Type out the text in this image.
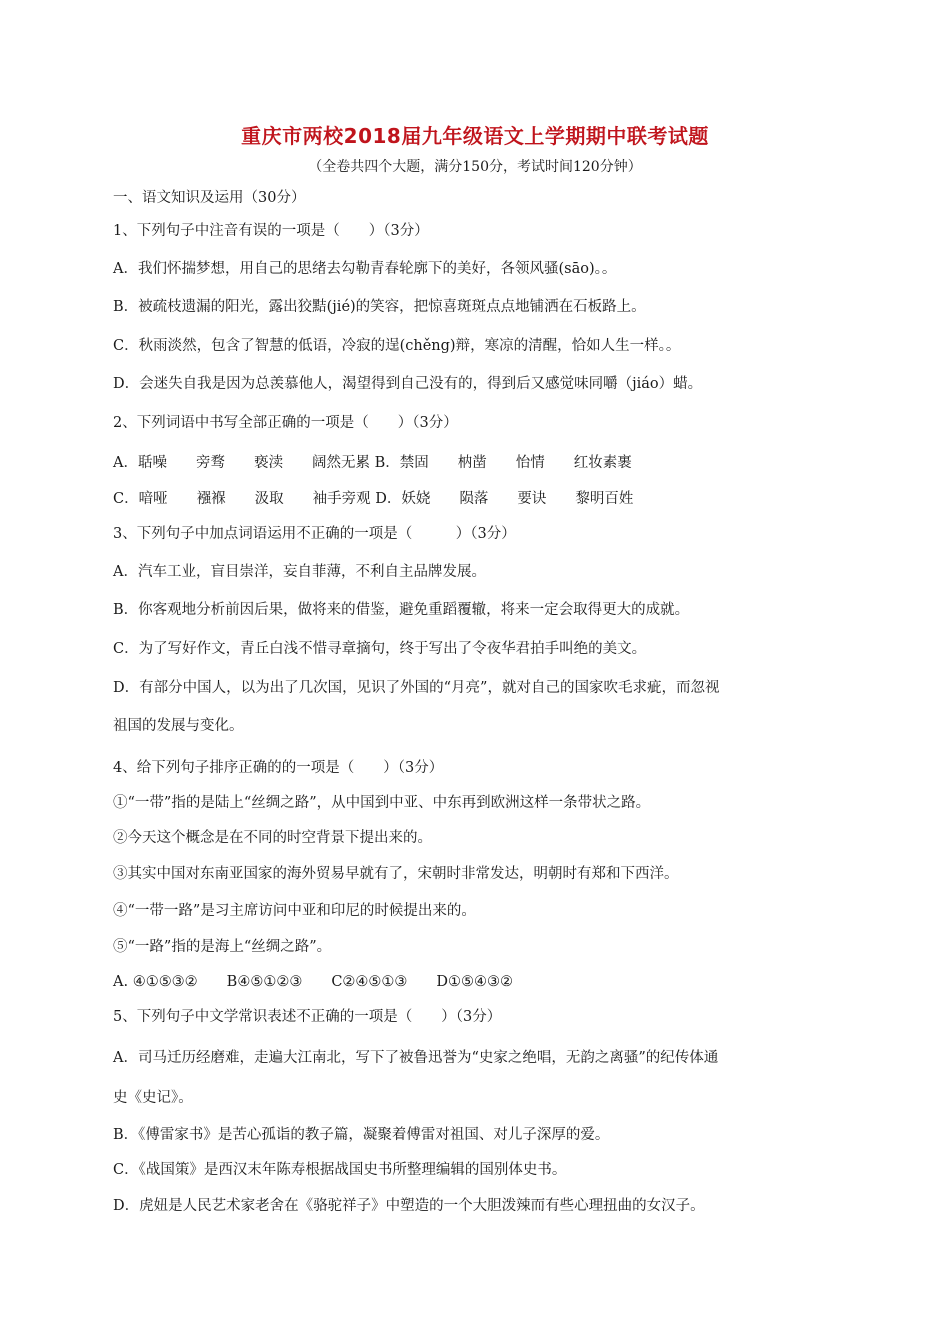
重庆市两校2018届九年级语文上学期期中联考试题
（全卷共四个大题，满分150分，考试时间120分钟）
一、语文知识及运用（30分）
1、下列句子中注音有误的一项是（　　）（3分）
A．我们怀揣梦想，用自己的思绪去勾勒青春轮廓下的美好，各领风骚(sāo)。。
B．被疏枝遗漏的阳光，露出狡黠(jié)的笑容，把惊喜斑斑点点地铺洒在石板路上。
C．秋雨淡然，包含了智慧的低语，冷寂的逞(chěng)辩，寒凉的清醒，恰如人生一样。。
D．会迷失自我是因为总羡慕他人，渴望得到自己没有的，得到后又感觉味同嚼（jiáo）蜡。
2、下列词语中书写全部正确的一项是（　　）（3分）
A．聒噪　　旁骛　　亵渎　　阔然无累 B．禁固　　枘凿　　怡情　　红妆素裹
C．喑哑　　襁褓　　汲取　　袖手旁观 D．妖娆　　陨落　　要诀　　黎明百姓
3、下列句子中加点词语运用不正确的一项是（　　　）（3分）
A．汽车工业，盲目崇洋，妄自菲薄，不利自主品牌发展。
B．你客观地分析前因后果，做将来的借鉴，避免重蹈覆辙，将来一定会取得更大的成就。
C．为了写好作文，青丘白浅不惜寻章摘句，终于写出了令夜华君拍手叫绝的美文。
D．有部分中国人，以为出了几次国，见识了外国的“月亮”，就对自己的国家吹毛求疵，而忽视
祖国的发展与变化。
4、给下列句子排序正确的的一项是（　　）（3分）
①“一带”指的是陆上“丝绸之路”，从中国到中亚、中东再到欧洲这样一条带状之路。
②今天这个概念是在不同的时空背景下提出来的。
③其实中国对东南亚国家的海外贸易早就有了，宋朝时非常发达，明朝时有郑和下西洋。
④“一带一路”是习主席访问中亚和印尼的时候提出来的。
⑤“一路”指的是海上“丝绸之路”。
A. ④①⑤③②　　B④⑤①②③　　C②④⑤①③　　D①⑤④③②
5、下列句子中文学常识表述不正确的一项是（　　）（3分）
A．司马迁历经磨难，走遍大江南北，写下了被鲁迅誉为“史家之绝唱，无韵之离骚”的纪传体通
史《史记》。
B．《傅雷家书》是苦心孤诣的教子篇，凝聚着傅雷对祖国、对儿子深厚的爱。
C．《战国策》是西汉末年陈寿根据战国史书所整理编辑的国别体史书。
D．虎妞是人民艺术家老舍在《骆驼祥子》中塑造的一个大胆泼辣而有些心理扭曲的女汉子。
